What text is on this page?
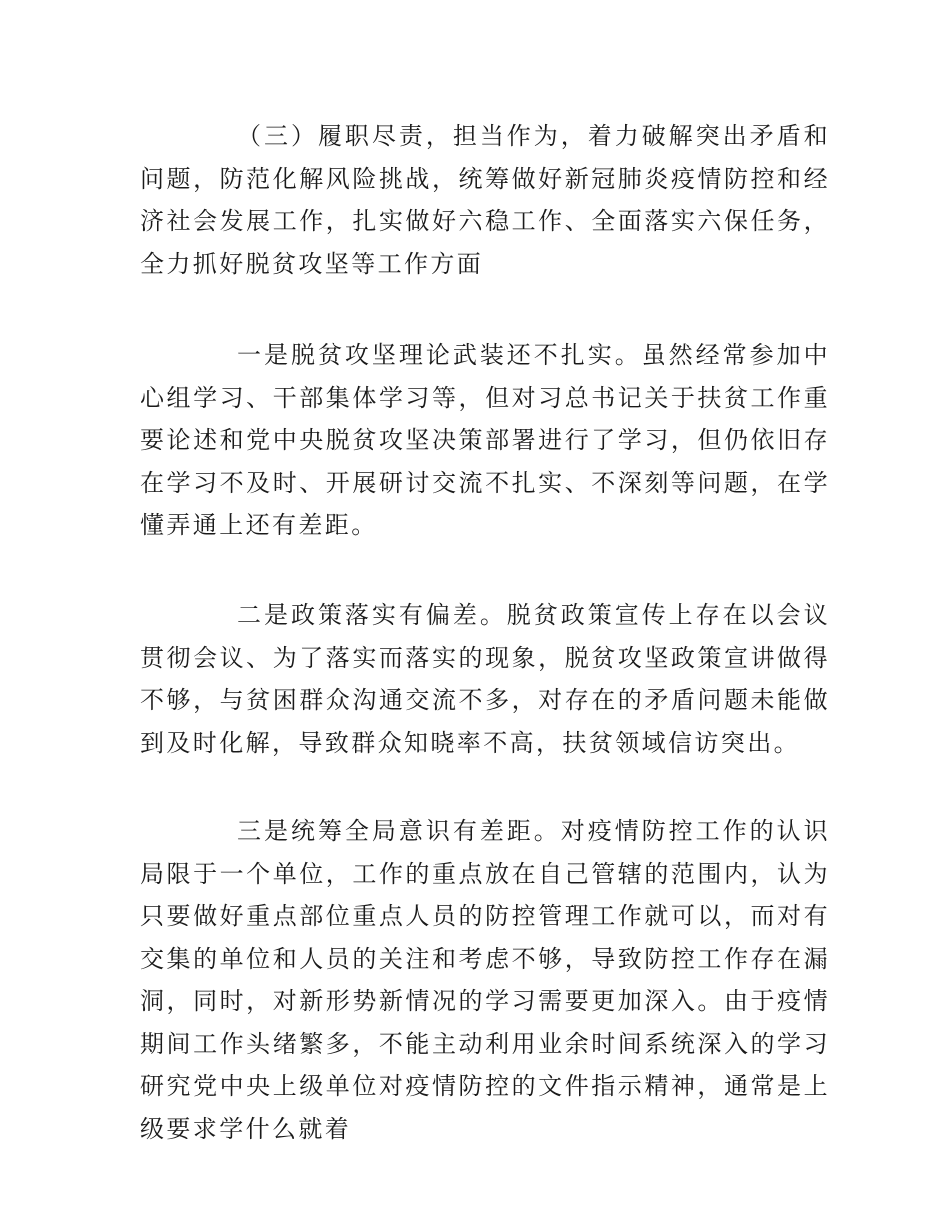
（三）履职尽责，担当作为，着力破解突出矛盾和问题，防范化解风险挑战，统筹做好新冠肺炎疫情防控和经济社会发展工作，扎实做好六稳工作、全面落实六保任务，全力抓好脱贫攻坚等工作方面

一是脱贫攻坚理论武装还不扎实。虽然经常参加中心组学习、干部集体学习等，但对习总书记关于扶贫工作重要论述和党中央脱贫攻坚决策部署进行了学习，但仍依旧存在学习不及时、开展研讨交流不扎实、不深刻等问题，在学懂弄通上还有差距。

二是政策落实有偏差。脱贫政策宣传上存在以会议贯彻会议、为了落实而落实的现象，脱贫攻坚政策宣讲做得不够，与贫困群众沟通交流不多，对存在的矛盾问题未能做到及时化解，导致群众知晓率不高，扶贫领域信访突出。

三是统筹全局意识有差距。对疫情防控工作的认识局限于一个单位，工作的重点放在自己管辖的范围内，认为只要做好重点部位重点人员的防控管理工作就可以，而对有交集的单位和人员的关注和考虑不够，导致防控工作存在漏洞，同时，对新形势新情况的学习需要更加深入。由于疫情期间工作头绪繁多，不能主动利用业余时间系统深入的学习研究党中央上级单位对疫情防控的文件指示精神，通常是上级要求学什么就着
